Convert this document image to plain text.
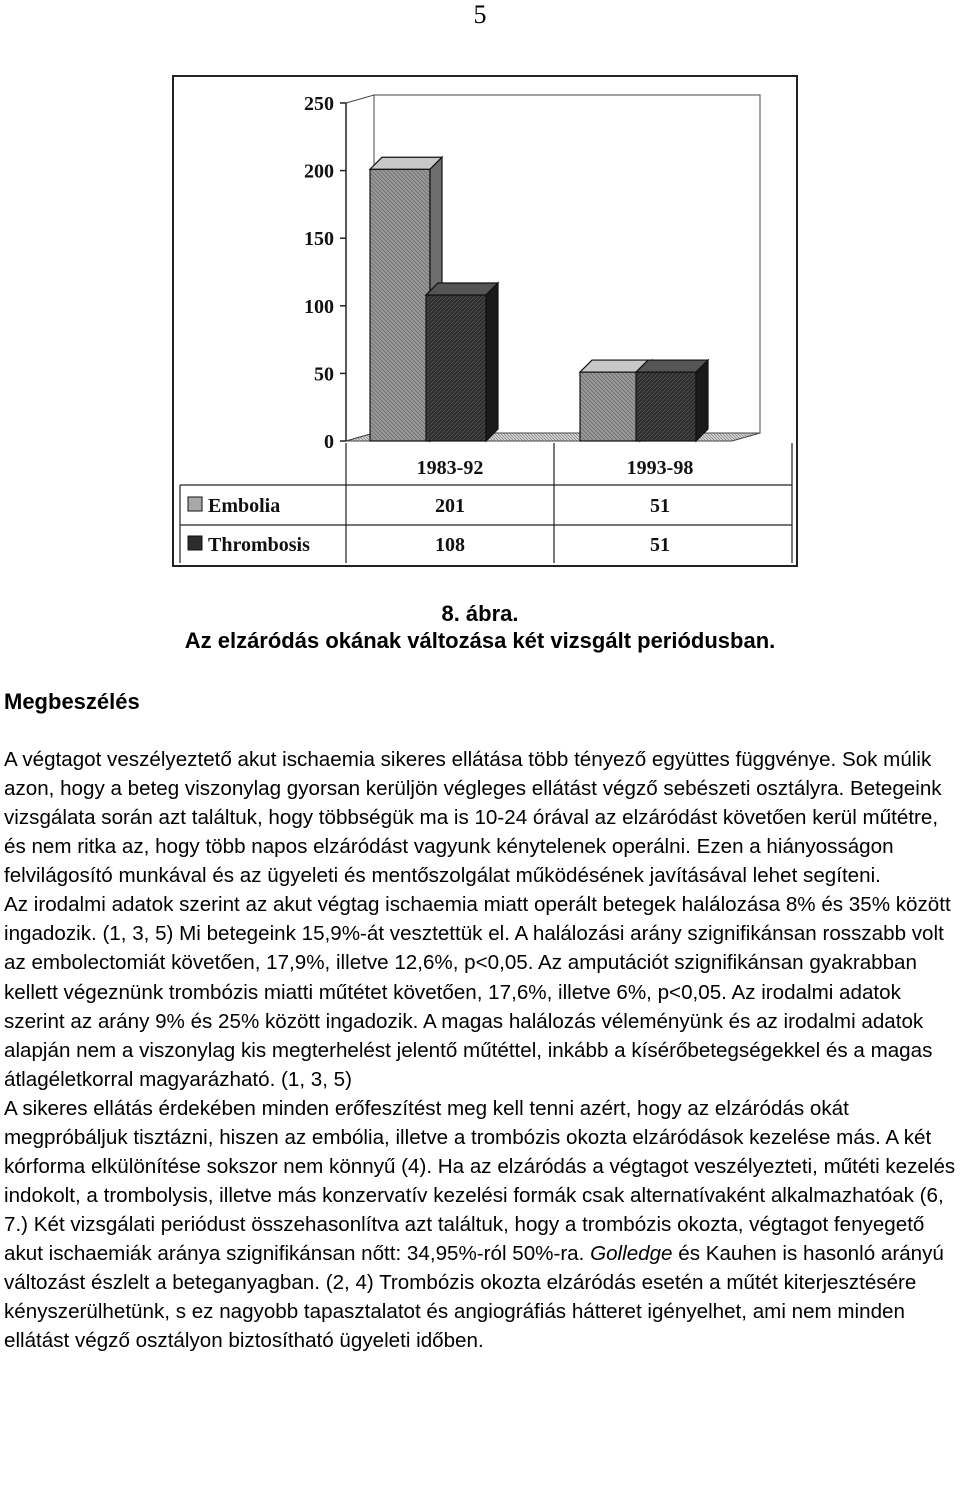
5
0
50
100
150
200
250
1983-92	1993-98
Embolia	201	51
Thrombosis	108	51
8. ábra.
Az elzáródás okának változása két vizsgált periódusban.
Megbeszélés

A végtagot veszélyeztető akut ischaemia sikeres ellátása több tényező együttes függvénye. Sok múlik azon, hogy a beteg viszonylag gyorsan kerüljön végleges ellátást végző sebészeti osztályra. Betegeink vizsgálata során azt találtuk, hogy többségük ma is 10-24 órával az elzáródást követően kerül műtétre, és nem ritka az, hogy több napos elzáródást vagyunk kénytelenek operálni. Ezen a hiányosságon felvilágosító munkával és az ügyeleti és mentőszolgálat működésének javításával lehet segíteni.

Az irodalmi adatok szerint az akut végtag ischaemia miatt operált betegek halálozása 8% és 35% között ingadozik. (1, 3, 5) Mi betegeink 15,9%-át vesztettük el. A halálozási arány szignifikánsan rosszabb volt az embolectomiát követően, 17,9%, illetve 12,6%, p<0,05. Az amputációt szignifikánsan gyakrabban kellett végeznünk trombózis miatti műtétet követően, 17,6%, illetve 6%, p<0,05. Az irodalmi adatok szerint az arány 9% és 25% között ingadozik. A magas halálozás véleményünk és az irodalmi adatok alapján nem a viszonylag kis megterhelést jelentő műtéttel, inkább a kísérőbetegségekkel és a magas átlagéletkorral magyarázható. (1, 3, 5)

A sikeres ellátás érdekében minden erőfeszítést meg kell tenni azért, hogy az elzáródás okát megpróbáljuk tisztázni, hiszen az embólia, illetve a trombózis okozta elzáródások kezelése más. A két kórforma elkülönítése sokszor nem könnyű (4). Ha az elzáródás a végtagot veszélyezteti, műtéti kezelés indokolt, a trombolysis, illetve más konzervatív kezelési formák csak alternatívaként alkalmazhatóak (6, 7.) Két vizsgálati periódust összehasonlítva azt találtuk, hogy a trombózis okozta, végtagot fenyegető akut ischaemiák aránya szignifikánsan nőtt: 34,95%-ról 50%-ra. Golledge és Kauhen is hasonló arányú változást észlelt a beteganyagban. (2, 4) Trombózis okozta elzáródás esetén a műtét kiterjesztésére kényszerülhetünk, s ez nagyobb tapasztalatot és angiográfiás hátteret igényelhet, ami nem minden ellátást végző osztályon biztosítható ügyeleti időben.
